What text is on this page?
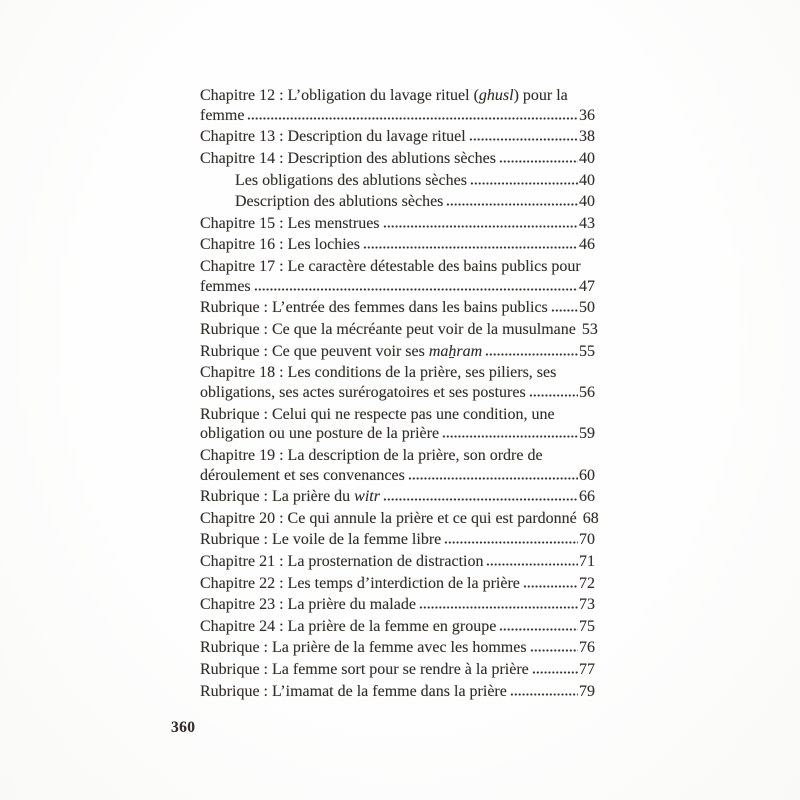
Chapitre 12 : L’obligation du lavage rituel (ghusl) pour la
femme	36
Chapitre 13 : Description du lavage rituel	38
Chapitre 14 : Description des ablutions sèches	40
Les obligations des ablutions sèches	40
Description des ablutions sèches	40
Chapitre 15 : Les menstrues	43
Chapitre 16 : Les lochies	46
Chapitre 17 : Le caractère détestable des bains publics pour
femmes	47
Rubrique : L’entrée des femmes dans les bains publics 50
Rubrique : Ce que la mécréante peut voir de la musulmane 53
Rubrique : Ce que peuvent voir ses maẖram	55
Chapitre 18 : Les conditions de la prière, ses piliers, ses
obligations, ses actes surérogatoires et ses postures	56
Rubrique : Celui qui ne respecte pas une condition, une
obligation ou une posture de la prière	59
Chapitre 19 : La description de la prière, son ordre de
déroulement et ses convenances	60
Rubrique : La prière du witr	66
Chapitre 20 : Ce qui annule la prière et ce qui est pardonné 68
Rubrique : Le voile de la femme libre	70
Chapitre 21 : La prosternation de distraction	71
Chapitre 22 : Les temps d’interdiction de la prière	72
Chapitre 23 : La prière du malade	73
Chapitre 24 : La prière de la femme en groupe	75
Rubrique : La prière de la femme avec les hommes	76
Rubrique : La femme sort pour se rendre à la prière	77
Rubrique : L’imamat de la femme dans la prière	79
360
